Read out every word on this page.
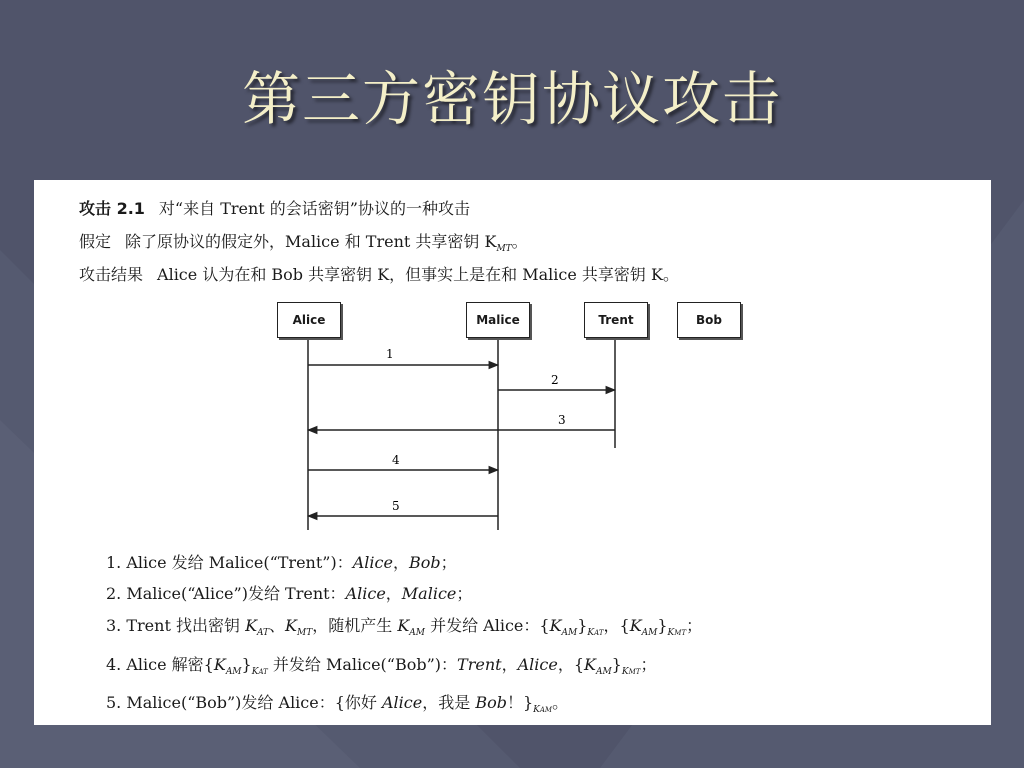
第三方密钥协议攻击
攻击 2.1 对“来自 Trent 的会话密钥”协议的一种攻击
假定 除了原协议的假定外，Malice 和 Trent 共享密钥 $K_{MT}$。
攻击结果 Alice 认为在和 Bob 共享密钥 K，但事实上是在和 Malice 共享密钥 K。
1
2
3
4
5
Alice	Malice	Trent	Bob
1. Alice 发给 Malice(“Trent”)：Alice，Bob；
2. Malice(“Alice”)发给 Trent：Alice，Malice；
3. Trent 找出密钥 $K_{AT}$、$K_{MT}$，随机产生 $K_{AM}$ 并发给 Alice：$\{K_{AM}\}_{KAT}$，$\{K_{AM}\}_{KMT}$；
4. Alice 解密$\{K_{AM}\}_{KAT}$ 并发给 Malice(“Bob”)：Trent，Alice，$\{K_{AM}\}_{KMT}$；
5. Malice(“Bob”)发给 Alice：{你好 Alice，我是 Bob！}$_{KAM}$。
